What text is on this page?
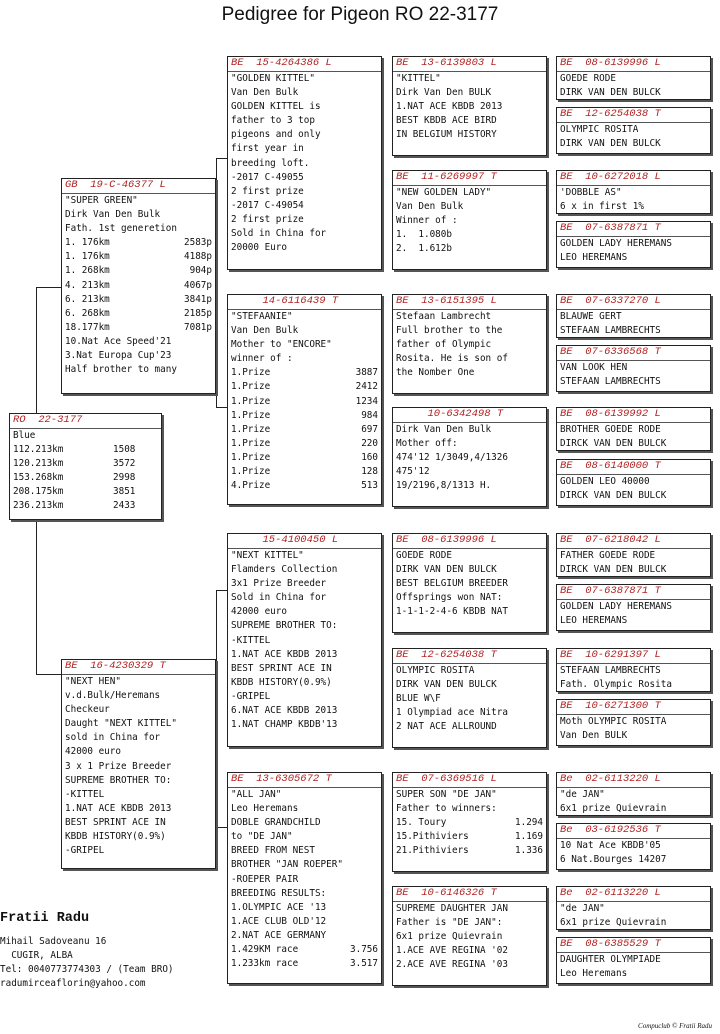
Pedigree for Pigeon RO 22-3177
RO  22-3177
Blue
112.213km	1508
120.213km	3572
153.268km	2998
208.175km	3851
236.213km	2433
GB  19-C-46377 L
"SUPER GREEN"
Dirk Van Den Bulk
Fath. 1st generetion
1. 176km	2583p
1. 176km	4188p
1. 268km	904p
4. 213km	4067p
6. 213km	3841p
6. 268km	2185p
18.177km	7081p
10.Nat Ace Speed'21
3.Nat Europa Cup'23
Half brother to many
BE  16-4230329 T
"NEXT HEN"
v.d.Bulk/Heremans
Checkeur
Daught "NEXT KITTEL"
sold in China for
42000 euro
3 x 1 Prize Breeder
SUPREME BROTHER TO:
-KITTEL
1.NAT ACE KBDB 2013
BEST SPRINT ACE IN
KBDB HISTORY(0.9%)
-GRIPEL
BE  15-4264386 L
"GOLDEN KITTEL"
Van Den Bulk
GOLDEN KITTEL is
father to 3 top
pigeons and only
first year in
breeding loft.
-2017 C-49055
2 first prize
-2017 C-49054
2 first prize
Sold in China for
20000 Euro
14-6116439 T
"STEFAANIE"
Van Den Bulk
Mother to "ENCORE"
winner of :
1.Prize	3887
1.Prize	2412
1.Prize	1234
1.Prize	984
1.Prize	697
1.Prize	220
1.Prize	160
1.Prize	128
4.Prize	513
15-4100450 L
"NEXT KITTEL"
Flamders Collection
3x1 Prize Breeder
Sold in China for
42000 euro
SUPREME BROTHER TO:
-KITTEL
1.NAT ACE KBDB 2013
BEST SPRINT ACE IN
KBDB HISTORY(0.9%)
-GRIPEL
6.NAT ACE KBDB 2013
1.NAT CHAMP KBDB'13
BE  13-6305672 T
"ALL JAN"
Leo Heremans
DOBLE GRANDCHILD
to "DE JAN"
BREED FROM NEST
BROTHER "JAN ROEPER"
-ROEPER PAIR
BREEDING RESULTS:
1.OLYMPIC ACE '13
1.ACE CLUB OLD'12
2.NAT ACE GERMANY
1.429KM race	3.756
1.233km race	3.517
BE  13-6139803 L
"KITTEL"
Dirk Van Den BULK
1.NAT ACE KBDB 2013
BEST KBDB ACE BIRD
IN BELGIUM HISTORY
BE  11-6269997 T
"NEW GOLDEN LADY"
Van Den Bulk
Winner of :
1.  1.080b
2.  1.612b
BE  13-6151395 L
Stefaan Lambrecht
Full brother to the
father of Olympic
Rosita. He is son of
the Nomber One
10-6342498 T
Dirk Van Den Bulk
Mother off:
474'12 1/3049,4/1326
475'12
19/2196,8/1313 H.
BE  08-6139996 L
GOEDE RODE
DIRK VAN DEN BULCK
BEST BELGIUM BREEDER
Offsprings won NAT:
1-1-1-2-4-6 KBDB NAT
BE  12-6254038 T
OLYMPIC ROSITA
DIRK VAN DEN BULCK
BLUE W\F
1 Olympiad ace Nitra
2 NAT ACE ALLROUND
BE  07-6369516 L
SUPER SON "DE JAN"
Father to winners:
15. Toury	1.294
15.Pithiviers	1.169
21.Pithiviers	1.336
BE  10-6146326 T
SUPREME DAUGHTER JAN
Father is "DE JAN":
6x1 prize Quievrain
1.ACE AVE REGINA '02
2.ACE AVE REGINA '03
BE  08-6139996 L
GOEDE RODE
DIRK VAN DEN BULCK
BE  12-6254038 T
OLYMPIC ROSITA
DIRK VAN DEN BULCK
BE  10-6272018 L
'DOBBLE AS"
6 x in first 1%
BE  07-6387871 T
GOLDEN LADY HEREMANS
LEO HEREMANS
BE  07-6337270 L
BLAUWE GERT
STEFAAN LAMBRECHTS
BE  07-6336568 T
VAN LOOK HEN
STEFAAN LAMBRECHTS
BE  08-6139992 L
BROTHER GOEDE RODE
DIRCK VAN DEN BULCK
BE  08-6140000 T
GOLDEN LEO 40000
DIRCK VAN DEN BULCK
BE  07-6218042 L
FATHER GOEDE RODE
DIRCK VAN DEN BULCK
BE  07-6387871 T
GOLDEN LADY HEREMANS
LEO HEREMANS
BE  10-6291397 L
STEFAAN LAMBRECHTS
Fath. Olympic Rosita
BE  10-6271300 T
Moth OLYMPIC ROSITA
Van Den BULK
Be  02-6113220 L
"de JAN"
6x1 prize Quievrain
Be  03-6192536 T
10 Nat Ace KBDB'05
6 Nat.Bourges 14207
Be  02-6113220 L
"de JAN"
6x1 prize Quievrain
BE  08-6385529 T
DAUGHTER OLYMPIADE
Leo Heremans
Fratii Radu
Mihail Sadoveanu 16
CUGIR, ALBA
Tel: 0040773774303 / (Team BRO)
radumirceaflorin@yahoo.com
Compuclub © Fratii Radu
